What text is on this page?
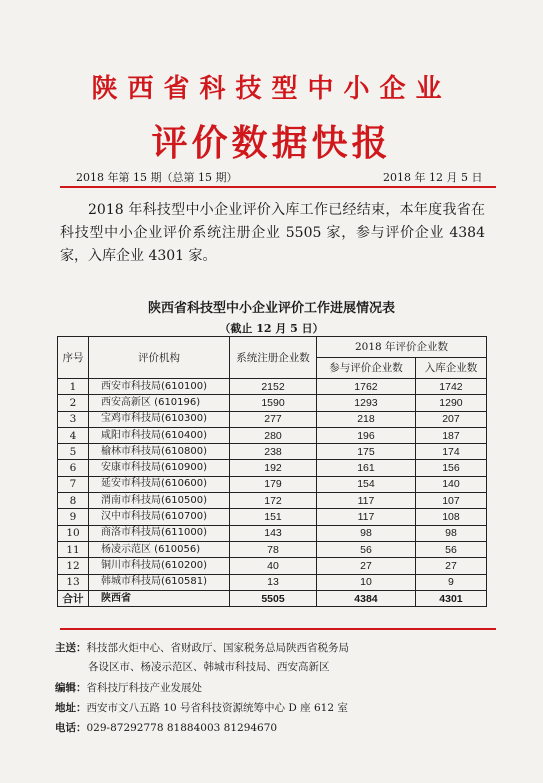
陕西省科技型中小企业
评价数据快报
2018 年第 15 期（总第 15 期）	2018 年 12 月 5 日
2018 年科技型中小企业评价入库工作已经结束，本年度我省在科技型中小企业评价系统注册企业 5505 家，参与评价企业 4384 家，入库企业 4301 家。
陕西省科技型中小企业评价工作进展情况表
（截止 12 月 5 日）
序号	评价机构	系统注册企业数	2018 年评价企业数	
			参与评价企业数	入库企业数
1	西安市科技局(610100)	2152	1762	1742
2	西安高新区 (610196)	1590	1293	1290
3	宝鸡市科技局(610300)	277	218	207
4	咸阳市科技局(610400)	280	196	187
5	榆林市科技局(610800)	238	175	174
6	安康市科技局(610900)	192	161	156
7	延安市科技局(610600)	179	154	140
8	渭南市科技局(610500)	172	117	107
9	汉中市科技局(610700)	151	117	108
10	商洛市科技局(611000)	143	98	98
11	杨凌示范区 (610056)	78	56	56
12	铜川市科技局(610200)	40	27	27
13	韩城市科技局(610581)	13	10	9
合计	陕西省	5505	4384	4301
主送：科技部火炬中心、省财政厅、国家税务总局陕西省税务局
各设区市、杨凌示范区、韩城市科技局、西安高新区
编辑：省科技厅科技产业发展处
地址：西安市文八五路 10 号省科技资源统筹中心 D 座 612 室
电话：029-87292778 81884003 81294670
